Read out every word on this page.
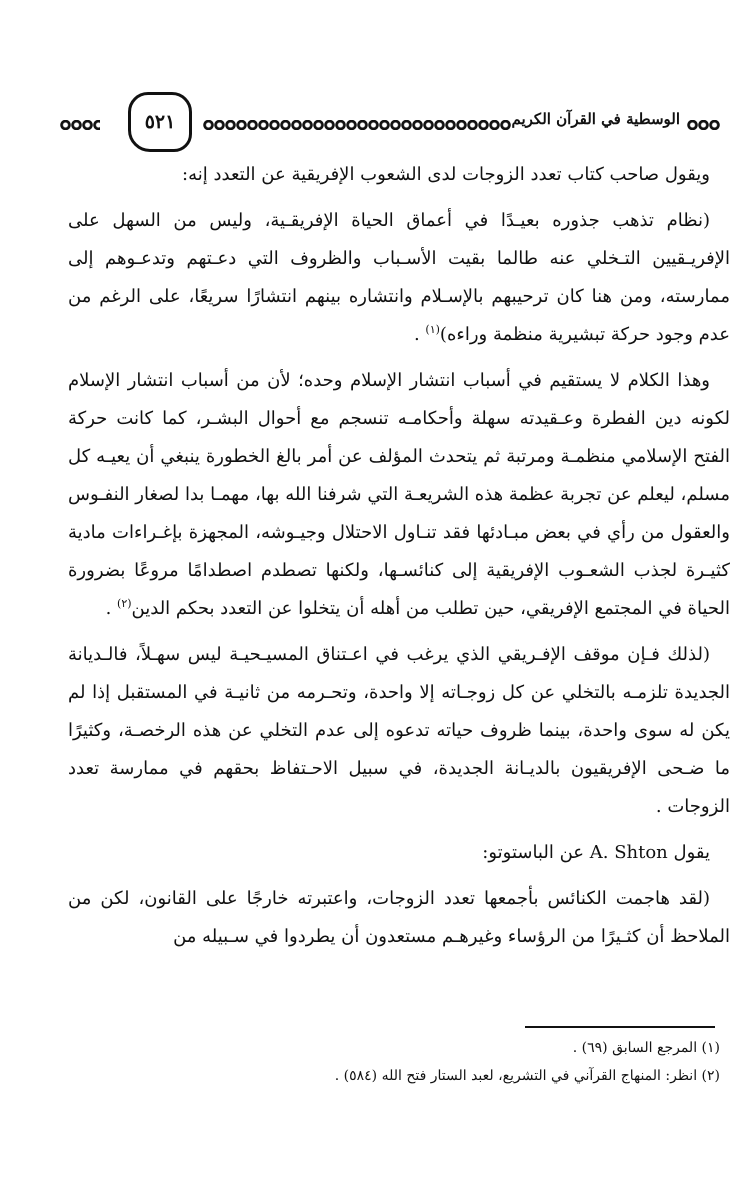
٥٢١	الوسطية في القرآن الكريم

ويقول صاحب كتاب تعدد الزوجات لدى الشعوب الإفريقية عن التعدد إنه:

(نظام تذهب جذوره بعيـدًا في أعماق الحياة الإفريقـية، وليس من السهل على الإفريـقيين التـخلي عنه طالما بقيت الأسـباب والظروف التي دعـتهم وتدعـوهم إلى ممارسته، ومن هنا كان ترحيبهم بالإسـلام وانتشاره بينهم انتشارًا سريعًا، على الرغم من عدم وجود حركة تبشيرية منظمة وراءه)$^{(١)}$ .

وهذا الكلام لا يستقيم في أسباب انتشار الإسلام وحده؛ لأن من أسباب انتشار الإسلام لكونه دين الفطرة وعـقيدته سهلة وأحكامـه تنسجم مع أحوال البشـر، كما كانت حركة الفتح الإسلامي منظمـة ومرتبة ثم يتحدث المؤلف عن أمر بالغ الخطورة ينبغي أن يعيـه كل مسلم، ليعلم عن تجربة عظمة هذه الشريعـة التي شرفنا الله بها، مهمـا بدا لصغار النفـوس والعقول من رأي في بعض مبـادئها فقد تنـاول الاحتلال وجيـوشه، المجهزة بإغـراءات مادية كثيـرة لجذب الشعـوب الإفريقية إلى كنائسـها، ولكنها تصطدم اصطدامًا مروعًا بضرورة الحياة في المجتمع الإفريقي، حين تطلب من أهله أن يتخلوا عن التعدد بحكم الدين$^{(٢)}$ .

(لذلك فـإن موقف الإفـريقي الذي يرغب في اعـتناق المسيـحيـة ليس سهـلاً، فالـديانة الجديدة تلزمـه بالتخلي عن كل زوجـاته إلا واحدة، وتحـرمه من ثانيـة في المستقبل إذا لم يكن له سوى واحدة، بينما ظروف حياته تدعوه إلى عدم التخلي عن هذه الرخصـة، وكثيرًا ما ضـحى الإفريقيون بالديـانة الجديدة، في سبيل الاحـتفاظ بحقهم في ممارسة تعدد الزوجات .

يقول A. Shton عن الباستوتو:

(لقد هاجمت الكنائس بأجمعها تعدد الزوجات، واعتبرته خارجًا على القانون، لكن من الملاحظ أن كثـيرًا من الرؤساء وغيرهـم مستعدون أن يطردوا في سـبيله من

(١) المرجع السابق (٦٩) .

(٢) انظر: المنهاج القرآني في التشريع، لعبد الستار فتح الله (٥٨٤) .
